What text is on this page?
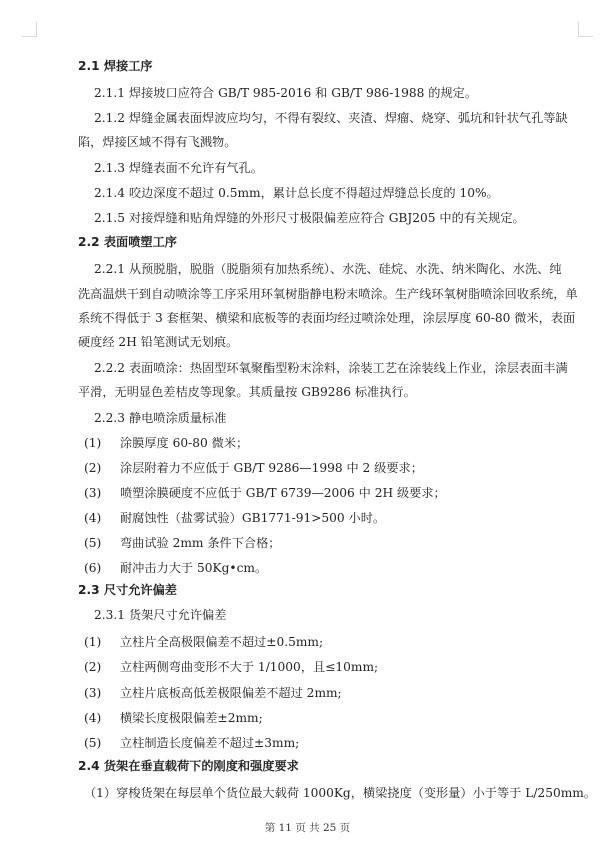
2.1 焊接工序
2.1.1 焊接坡口应符合 GB/T 985-2016 和 GB/T 986-1988 的规定。
2.1.2 焊缝金属表面焊波应均匀，不得有裂纹、夹渣、焊瘤、烧穿、弧坑和针状气孔等缺
陷，焊接区域不得有飞溅物。
2.1.3 焊缝表面不允许有气孔。
2.1.4 咬边深度不超过 0.5mm，累计总长度不得超过焊缝总长度的 10%。
2.1.5 对接焊缝和贴角焊缝的外形尺寸极限偏差应符合 GBJ205 中的有关规定。
2.2 表面喷塑工序
2.2.1 从预脱脂，脱脂（脱脂须有加热系统）、水洗、硅烷、水洗、纳米陶化、水洗、纯
洗高温烘干到自动喷涂等工序采用环氧树脂静电粉末喷涂。生产线环氧树脂喷涂回收系统，单
系统不得低于 3 套框架、横梁和底板等的表面均经过喷涂处理，涂层厚度 60-80 微米，表面
硬度经 2H 铅笔测试无划痕。
2.2.2 表面喷涂：热固型环氧聚酯型粉末涂料，涂装工艺在涂装线上作业，涂层表面丰满
平滑，无明显色差桔皮等现象。其质量按 GB9286 标准执行。
2.2.3 静电喷涂质量标准
(1) 涂膜厚度 60-80 微米；
(2) 涂层附着力不应低于 GB/T 9286—1998 中 2 级要求；
(3) 喷塑涂膜硬度不应低于 GB/T 6739—2006 中 2H 级要求；
(4) 耐腐蚀性（盐雾试验）GB1771-91>500 小时。
(5) 弯曲试验 2mm 条件下合格；
(6) 耐冲击力大于 50Kg•cm。
2.3 尺寸允许偏差
2.3.1 货架尺寸允许偏差
(1) 立柱片全高极限偏差不超过±0.5mm;
(2) 立柱两侧弯曲变形不大于 1/1000，且≤10mm;
(3) 立柱片底板高低差极限偏差不超过 2mm;
(4) 横梁长度极限偏差±2mm;
(5) 立柱制造长度偏差不超过±3mm;
2.4 货架在垂直载荷下的刚度和强度要求
（1）穿梭货架在每层单个货位最大载荷 1000Kg，横梁挠度（变形量）小于等于 L/250mm。
第 11 页 共 25 页
